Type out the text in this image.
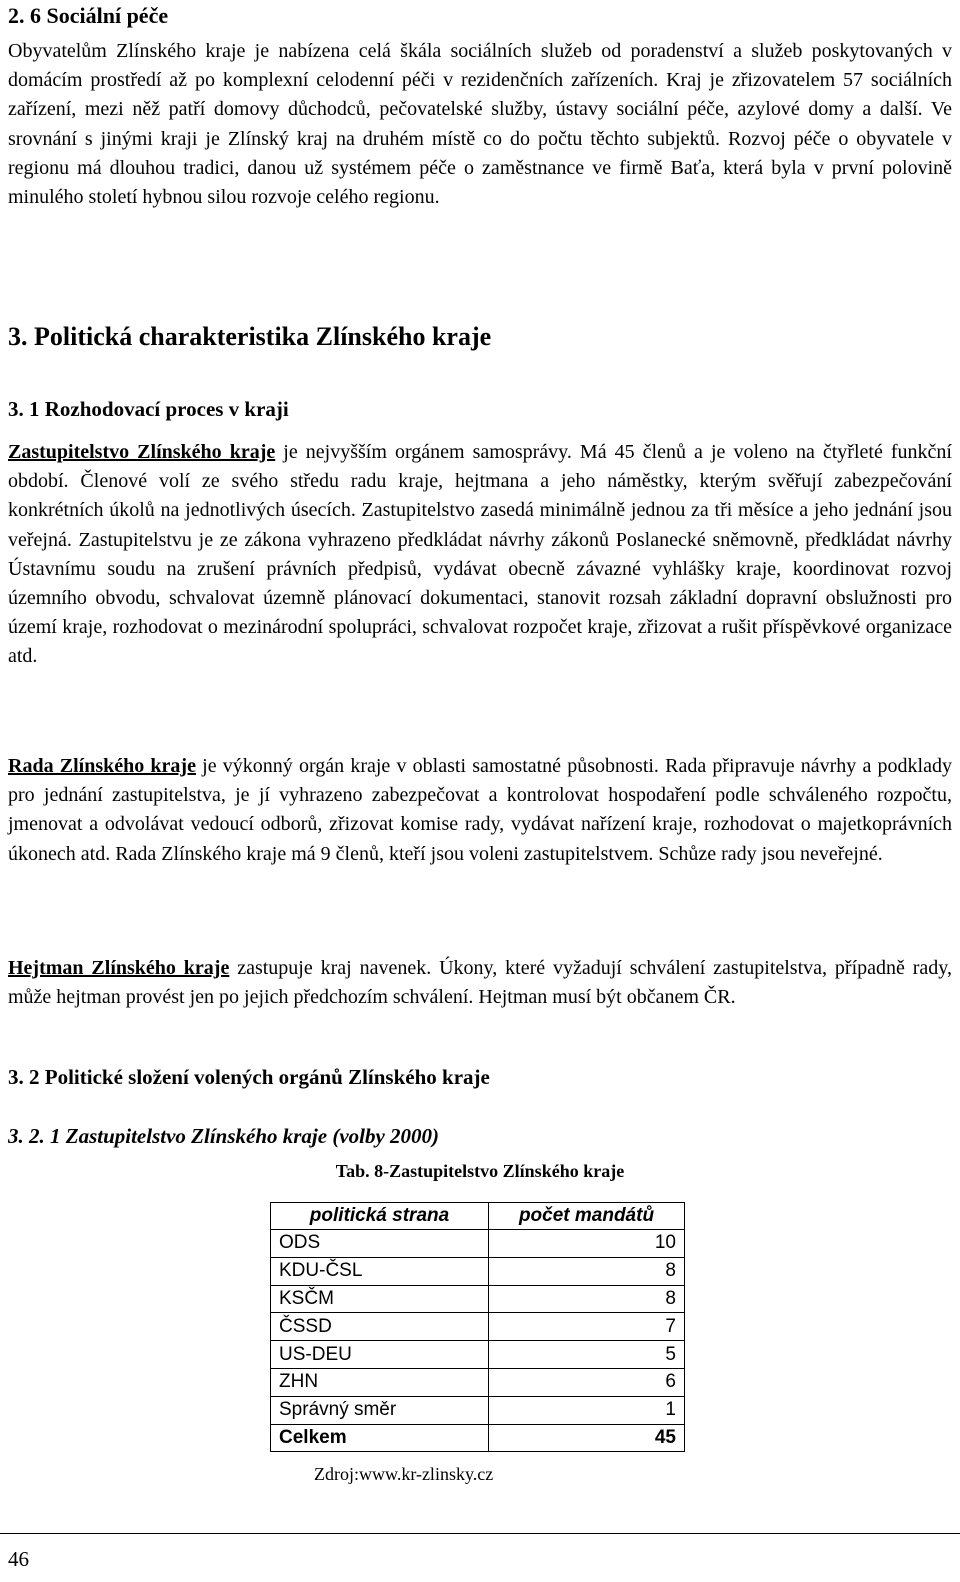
2. 6 Sociální péče

Obyvatelům Zlínského kraje je nabízena celá škála sociálních služeb od poradenství a služeb poskytovaných v domácím prostředí až po komplexní celodenní péči v rezidenčních zařízeních. Kraj je zřizovatelem 57 sociálních zařízení, mezi něž patří domovy důchodců, pečovatelské služby, ústavy sociální péče, azylové domy a další. Ve srovnání s jinými kraji je Zlínský kraj na druhém místě co do počtu těchto subjektů. Rozvoj péče o obyvatele v regionu má dlouhou tradici, danou už systémem péče o zaměstnance ve firmě Baťa, která byla v první polovině minulého století hybnou silou rozvoje celého regionu.

3. Politická charakteristika Zlínského kraje
3. 1 Rozhodovací proces v kraji

Zastupitelstvo Zlínského kraje je nejvyšším orgánem samosprávy. Má 45 členů a je voleno na čtyřleté funkční období. Členové volí ze svého středu radu kraje, hejtmana a jeho náměstky, kterým svěřují zabezpečování konkrétních úkolů na jednotlivých úsecích. Zastupitelstvo zasedá minimálně jednou za tři měsíce a jeho jednání jsou veřejná. Zastupitelstvu je ze zákona vyhrazeno předkládat návrhy zákonů Poslanecké sněmovně, předkládat návrhy Ústavnímu soudu na zrušení právních předpisů, vydávat obecně závazné vyhlášky kraje, koordinovat rozvoj územního obvodu, schvalovat územně plánovací dokumentaci, stanovit rozsah základní dopravní obslužnosti pro území kraje, rozhodovat o mezinárodní spolupráci, schvalovat rozpočet kraje, zřizovat a rušit příspěvkové organizace atd.

Rada Zlínského kraje je výkonný orgán kraje v oblasti samostatné působnosti. Rada připravuje návrhy a podklady pro jednání zastupitelstva, je jí vyhrazeno zabezpečovat a kontrolovat hospodaření podle schváleného rozpočtu, jmenovat a odvolávat vedoucí odborů, zřizovat komise rady, vydávat nařízení kraje, rozhodovat o majetkoprávních úkonech atd. Rada Zlínského kraje má 9 členů, kteří jsou voleni zastupitelstvem. Schůze rady jsou neveřejné.

Hejtman Zlínského kraje zastupuje kraj navenek. Úkony, které vyžadují schválení zastupitelstva, případně rady, může hejtman provést jen po jejich předchozím schválení. Hejtman musí být občanem ČR.

3. 2 Politické složení volených orgánů Zlínského kraje
3. 2. 1 Zastupitelstvo Zlínského kraje (volby 2000)
Tab. 8-Zastupitelstvo Zlínského kraje
politická strana	počet mandátů
ODS	10
KDU-ČSL	8
KSČM	8
ČSSD	7
US-DEU	5
ZHN	6
Správný směr	1
Celkem	45
Zdroj:www.kr-zlinsky.cz
46
